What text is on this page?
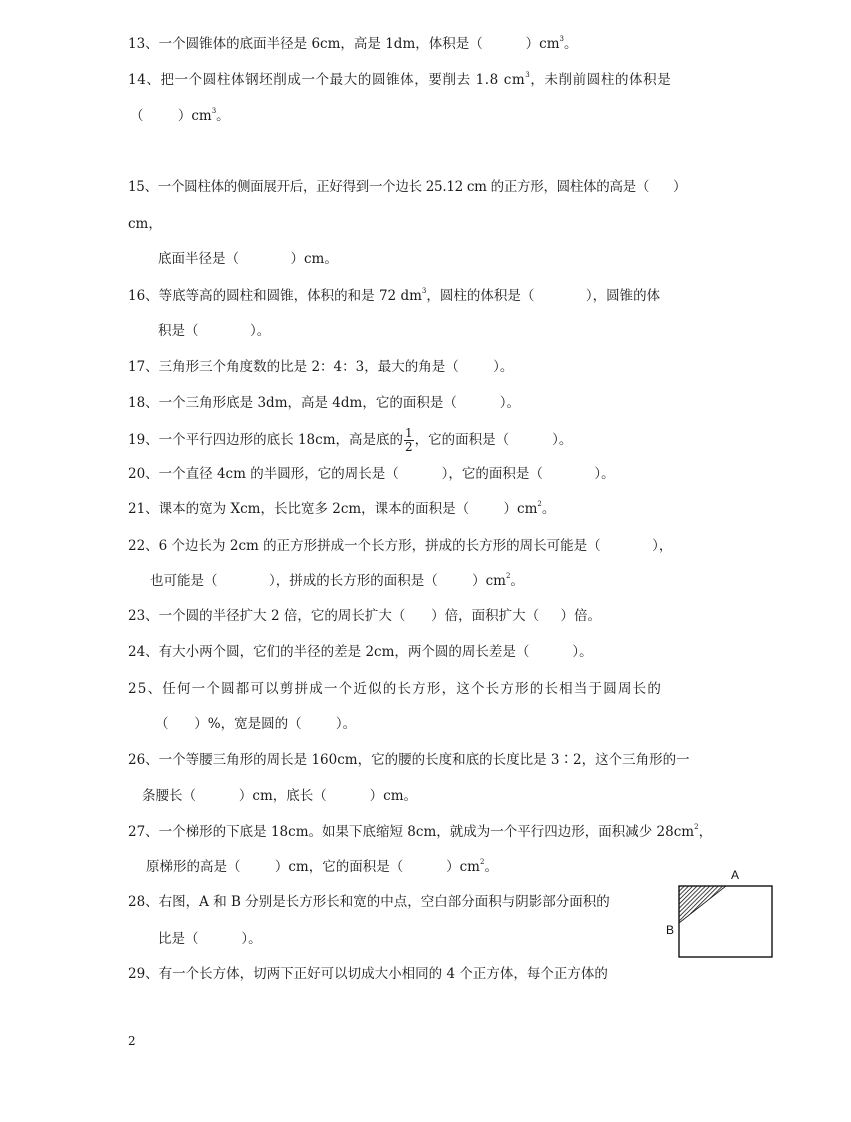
13、一个圆锥体的底面半径是 6cm，高是 1dm，体积是（          ）$cm^3$。
14、把一个圆柱体钢坯削成一个最大的圆锥体，要削去 1.8 $cm^3$，未削前圆柱的体积是
（        ）$cm^3$。
15、一个圆柱体的侧面展开后，正好得到一个边长 25.12 cm 的正方形，圆柱体的高是（      ）
cm，
底面半径是（            ）cm。
16、等底等高的圆柱和圆锥，体积的和是 72 $dm^3$，圆柱的体积是（            ），圆锥的体
积是（            ）。
17、三角形三个角度数的比是 2：4：3，最大的角是（        ）。
18、一个三角形底是 3dm，高是 4dm，它的面积是（          ）。
19、一个平行四边形的底长 18cm，高是底的 $\frac{1}{2}$ ，它的面积是（          ）。
20、一个直径 4cm 的半圆形，它的周长是（          ），它的面积是（            ）。
21、课本的宽为 Xcm，长比宽多 2cm，课本的面积是（        ）$cm^2$。
22、6 个边长为 2cm 的正方形拼成一个长方形，拼成的长方形的周长可能是（            ），
也可能是（            ），拼成的长方形的面积是（        ）$cm^2$。
23、一个圆的半径扩大 2 倍，它的周长扩大（      ）倍，面积扩大（     ）倍。
24、有大小两个圆，它们的半径的差是 2cm，两个圆的周长差是（          ）。
25、任何一个圆都可以剪拼成一个近似的长方形，这个长方形的长相当于圆周长的
（      ）%，宽是圆的（        ）。
26、一个等腰三角形的周长是 160cm，它的腰的长度和底的长度比是 3∶2，这个三角形的一
条腰长（          ）cm，底长（          ）cm。
27、一个梯形的下底是 18cm。如果下底缩短 8cm，就成为一个平行四边形，面积减少 $28cm^2$，
原梯形的高是（        ）cm，它的面积是（          ）$cm^2$。
28、右图，A 和 B 分别是长方形长和宽的中点，空白部分面积与阴影部分面积的
比是（          ）。
29、有一个长方体，切两下正好可以切成大小相同的 4 个正方体，每个正方体的
A
B
2
